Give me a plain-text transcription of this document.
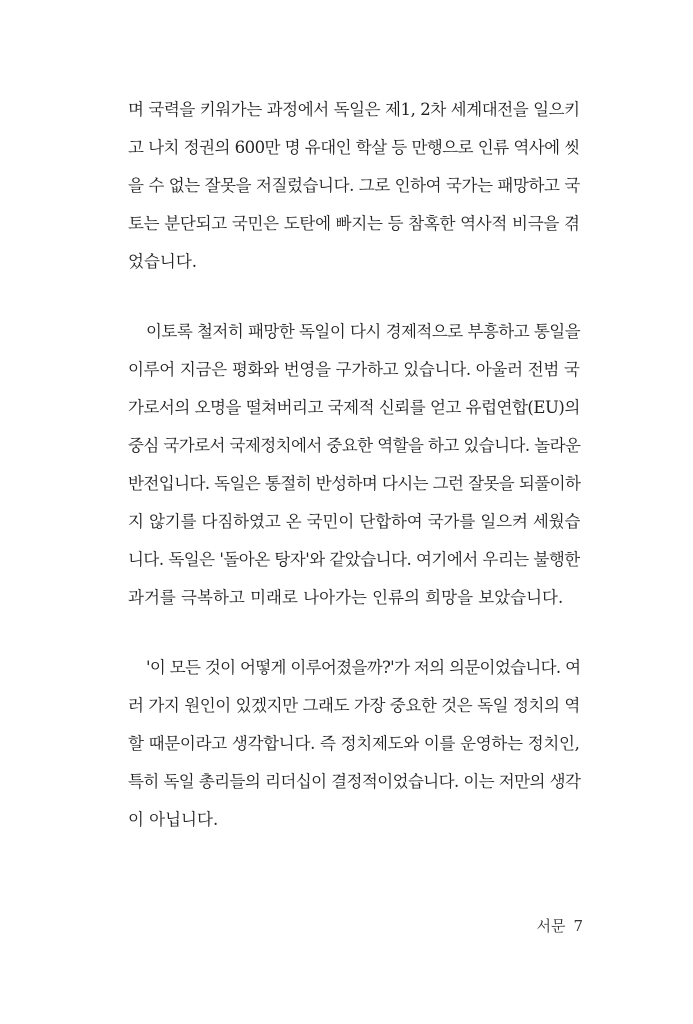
며 국력을 키워가는 과정에서 독일은 제1, 2차 세계대전을 일으키
고 나치 정권의 600만 명 유대인 학살 등 만행으로 인류 역사에 씻
을 수 없는 잘못을 저질렀습니다. 그로 인하여 국가는 패망하고 국
토는 분단되고 국민은 도탄에 빠지는 등 참혹한 역사적 비극을 겪
었습니다.
이토록 철저히 패망한 독일이 다시 경제적으로 부흥하고 통일을
이루어 지금은 평화와 번영을 구가하고 있습니다. 아울러 전범 국
가로서의 오명을 떨쳐버리고 국제적 신뢰를 얻고 유럽연합(EU)의
중심 국가로서 국제정치에서 중요한 역할을 하고 있습니다. 놀라운
반전입니다. 독일은 통절히 반성하며 다시는 그런 잘못을 되풀이하
지 않기를 다짐하였고 온 국민이 단합하여 국가를 일으켜 세웠습
니다. 독일은 '돌아온 탕자'와 같았습니다. 여기에서 우리는 불행한
과거를 극복하고 미래로 나아가는 인류의 희망을 보았습니다.
'이 모든 것이 어떻게 이루어졌을까?'가 저의 의문이었습니다. 여
러 가지 원인이 있겠지만 그래도 가장 중요한 것은 독일 정치의 역
할 때문이라고 생각합니다. 즉 정치제도와 이를 운영하는 정치인,
특히 독일 총리들의 리더십이 결정적이었습니다. 이는 저만의 생각
이 아닙니다.
서문 7
